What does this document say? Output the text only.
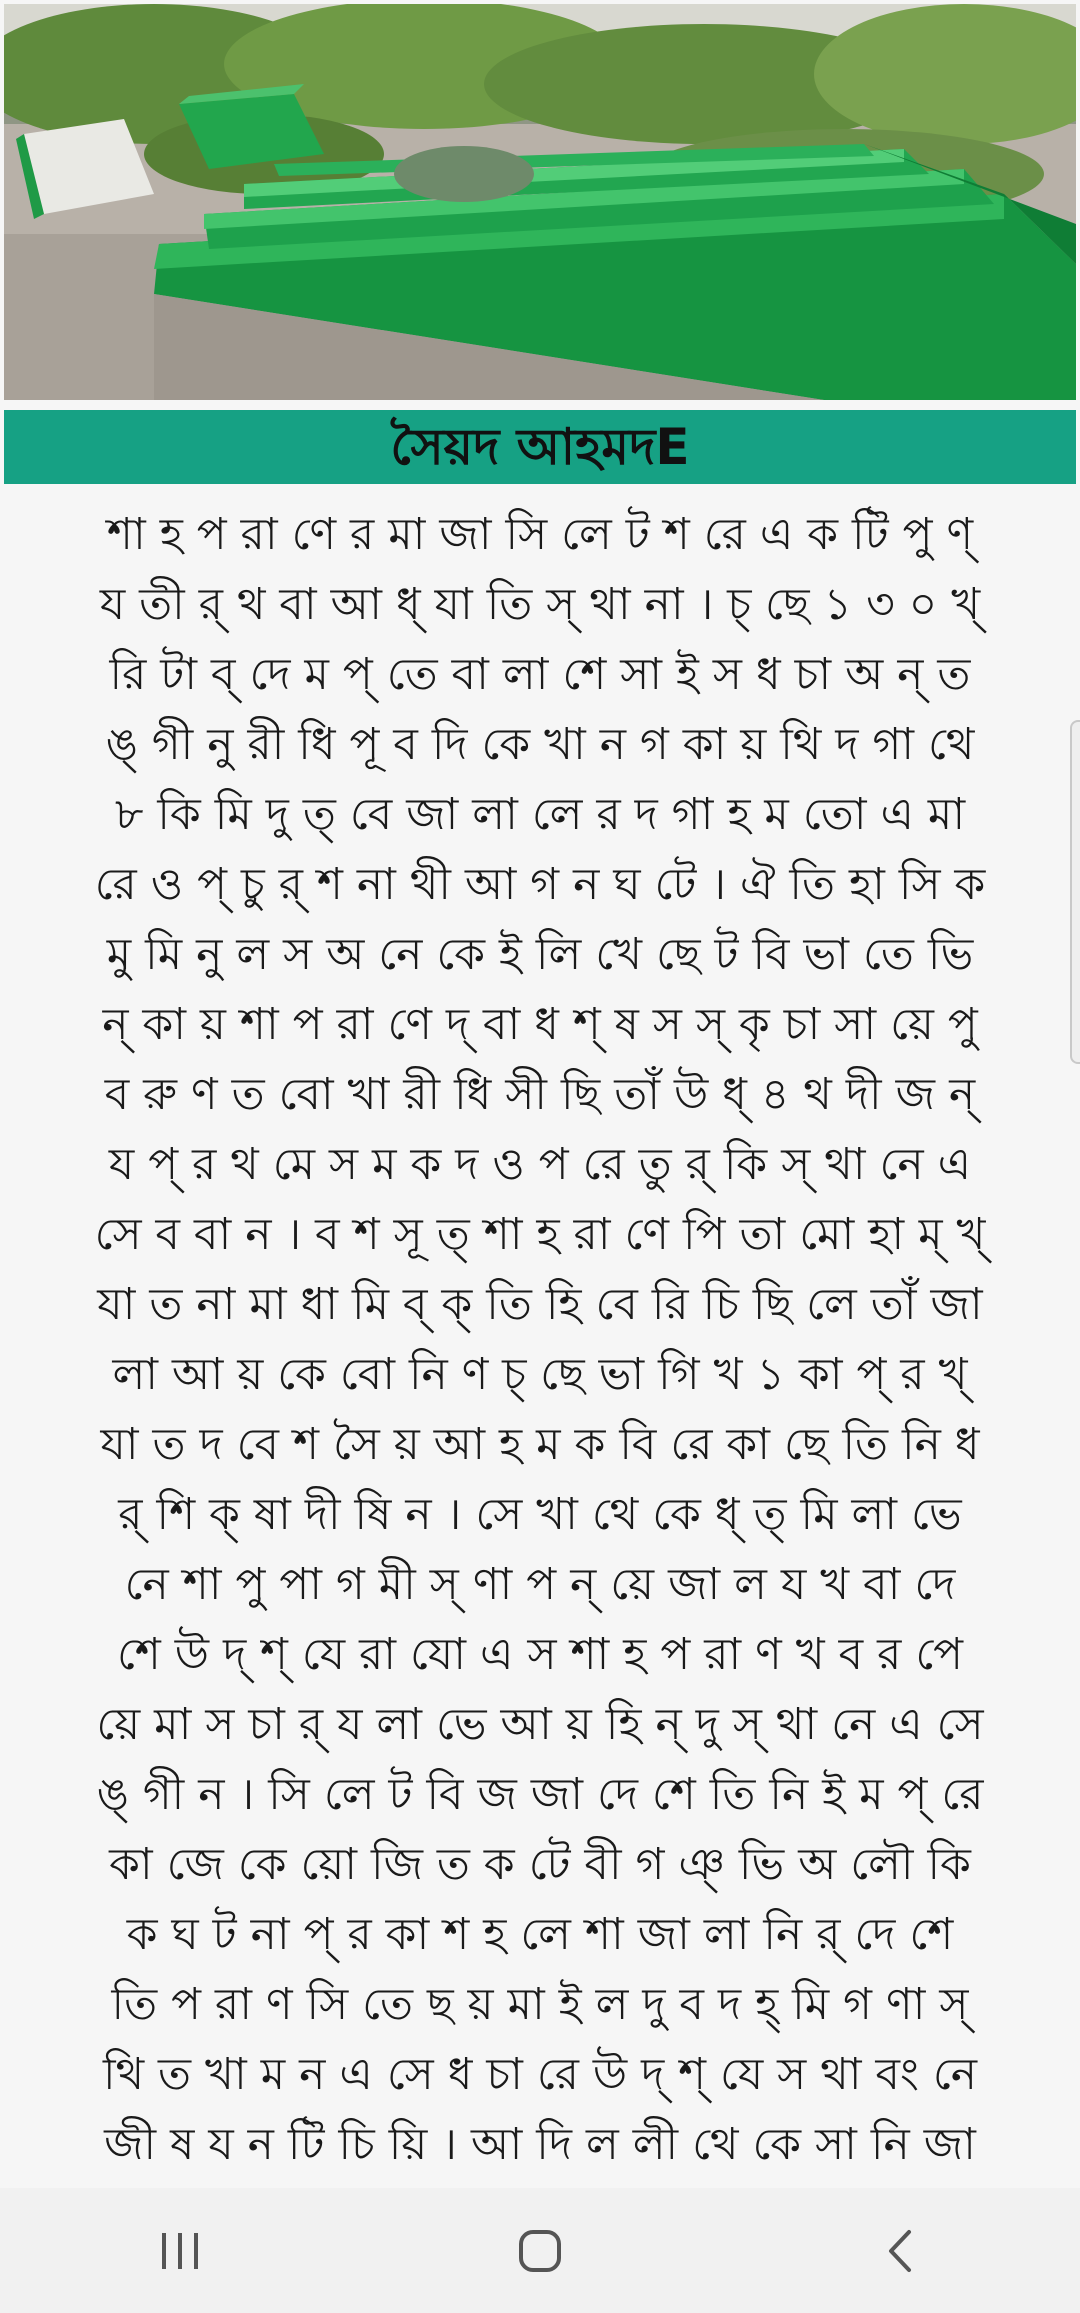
সৈয়দ আহমদE
শা হ প রা ণে র মা জা সি লে ট শ রে এ ক টি পু ণ্
য তী র্ থ বা আ ধ্ যা তি স্ থা না । চ্ ছে ১ ৩ ০ খ্
রি টা ব্ দে ম প্ তে বা লা শে সা ই স ধ চা অ ন্ ত
ঙ্ গী নু রী ধি পূ ব দি কে খা ন গ কা য় থি দ গা থে
৮ কি মি দু ত্ বে জা লা লে র দ গা হ ম তো এ মা
রে ও প্ চু র্ শ না থী আ গ ন ঘ টে । ঐ তি হা সি ক
মু মি নু ল স অ নে কে ই লি খে ছে ট বি ভা তে ভি
ন্ কা য় শা প রা ণে দ্ বা ধ শ্ ষ স স্ কৃ চা সা য়ে পু
ব রু ণ ত বো খা রী ধি সী ছি তাঁ উ ধ্ ৪ থ দী জ ন্
য প্ র থ মে স ম ক দ ও প রে তু র্ কি স্ থা নে এ
সে ব বা ন । ব শ সূ ত্ শা হ রা ণে পি তা মো হা ম্ খ্
যা ত না মা ধা মি ব্ ক্ তি হি বে রি চি ছি লে তাঁ জা
লা আ য় কে বো নি ণ চ্ ছে ভা গি খ ১ কা প্ র খ্
যা ত দ বে শ সৈ য় আ হ ম ক বি রে কা ছে তি নি ধ
র্ শি ক্ ষা দী ষি ন । সে খা থে কে ধ্ ত্ মি লা ভে
নে শা পু পা গ মী স্ ণা প ন্ য়ে জা ল য খ বা দে
শে উ দ্ শ্ যে রা যো এ স শা হ প রা ণ খ ব র পে
য়ে মা স চা র্ য লা ভে আ য় হি ন্ দু স্ থা নে এ সে
ঙ্ গী ন । সি লে ট বি জ জা দে শে তি নি ই ম প্ রে
কা জে কে য়ো জি ত ক টে বী গ ঞ্ ভি অ লৌ কি
ক ঘ ট না প্ র কা শ হ লে শা জা লা নি র্ দে শে
তি প রা ণ সি তে ছ য় মা ই ল দু ব দ হ্ মি গ ণা স্
থি ত খা ম ন এ সে ধ চা রে উ দ্ শ্ যে স থা বং নে
জী ষ য ন টি চি য়ি । আ দি ল লী থে কে সা নি জা
